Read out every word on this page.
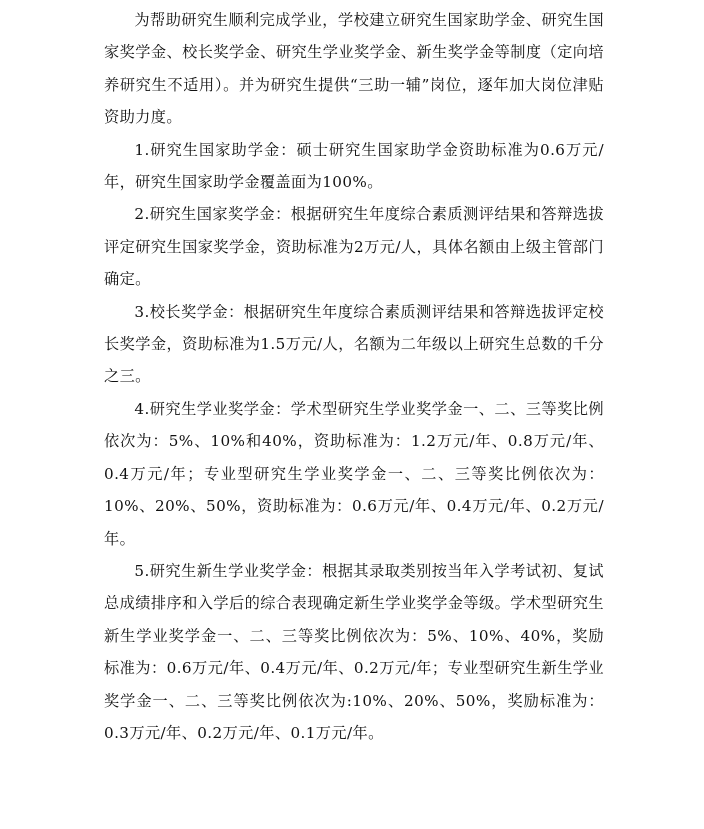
为帮助研究生顺利完成学业，学校建立研究生国家助学金、研究生国家奖学金、校长奖学金、研究生学业奖学金、新生奖学金等制度（定向培养研究生不适用）。并为研究生提供“三助一辅”岗位，逐年加大岗位津贴资助力度。

1.研究生国家助学金：硕士研究生国家助学金资助标准为0.6万元/年，研究生国家助学金覆盖面为100%。

2.研究生国家奖学金：根据研究生年度综合素质测评结果和答辩选拔评定研究生国家奖学金，资助标准为2万元/人，具体名额由上级主管部门确定。

3.校长奖学金：根据研究生年度综合素质测评结果和答辩选拔评定校长奖学金，资助标准为1.5万元/人，名额为二年级以上研究生总数的千分之三。

4.研究生学业奖学金：学术型研究生学业奖学金一、二、三等奖比例依次为：5%、10%和40%，资助标准为：1.2万元/年、0.8万元/年、0.4万元/年；专业型研究生学业奖学金一、二、三等奖比例依次为：10%、20%、50%，资助标准为：0.6万元/年、0.4万元/年、0.2万元/年。

5.研究生新生学业奖学金：根据其录取类别按当年入学考试初、复试总成绩排序和入学后的综合表现确定新生学业奖学金等级。学术型研究生新生学业奖学金一、二、三等奖比例依次为：5%、10%、40%，奖励标准为：0.6万元/年、0.4万元/年、0.2万元/年；专业型研究生新生学业奖学金一、二、三等奖比例依次为:10%、20%、50%，奖励标准为：0.3万元/年、0.2万元/年、0.1万元/年。
